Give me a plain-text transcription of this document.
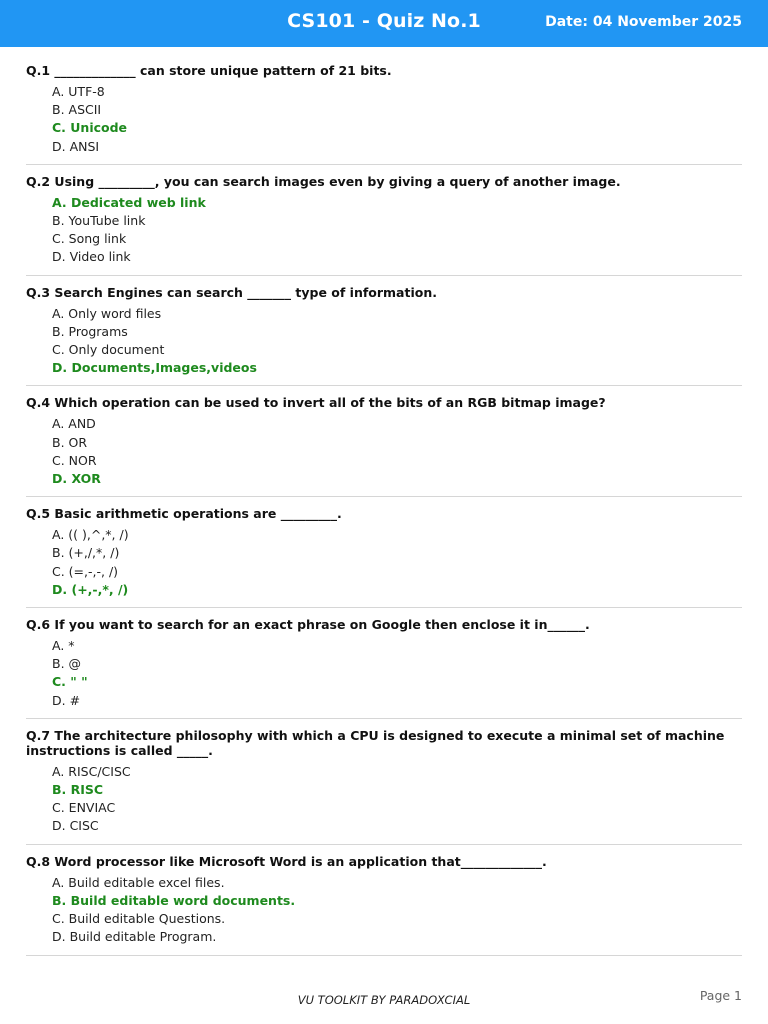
CS101 - Quiz No.1	Date: 04 November 2025
Q.1 _____________ can store unique pattern of 21 bits.
A. UTF-8
B. ASCII
C. Unicode
D. ANSI
Q.2 Using _________, you can search images even by giving a query of another image.
A. Dedicated web link
B. YouTube link
C. Song link
D. Video link
Q.3 Search Engines can search _______ type of information.
A. Only word files
B. Programs
C. Only document
D. Documents,Images,videos
Q.4 Which operation can be used to invert all of the bits of an RGB bitmap image?
A. AND
B. OR
C. NOR
D. XOR
Q.5 Basic arithmetic operations are _________.
A. (( ),^,*, /)
B. (+,/,*, /)
C. (=,-,-, /)
D. (+,-,*, /)
Q.6 If you want to search for an exact phrase on Google then enclose it in______.
A. *
B. @
C. " "
D. #
Q.7 The architecture philosophy with which a CPU is designed to execute a minimal set of machine instructions is called _____.
A. RISC/CISC
B. RISC
C. ENVIAC
D. CISC
Q.8 Word processor like Microsoft Word is an application that_____________.
A. Build editable excel files.
B. Build editable word documents.
C. Build editable Questions.
D. Build editable Program.
VU TOOLKIT BY PARADOXCIAL	Page 1
